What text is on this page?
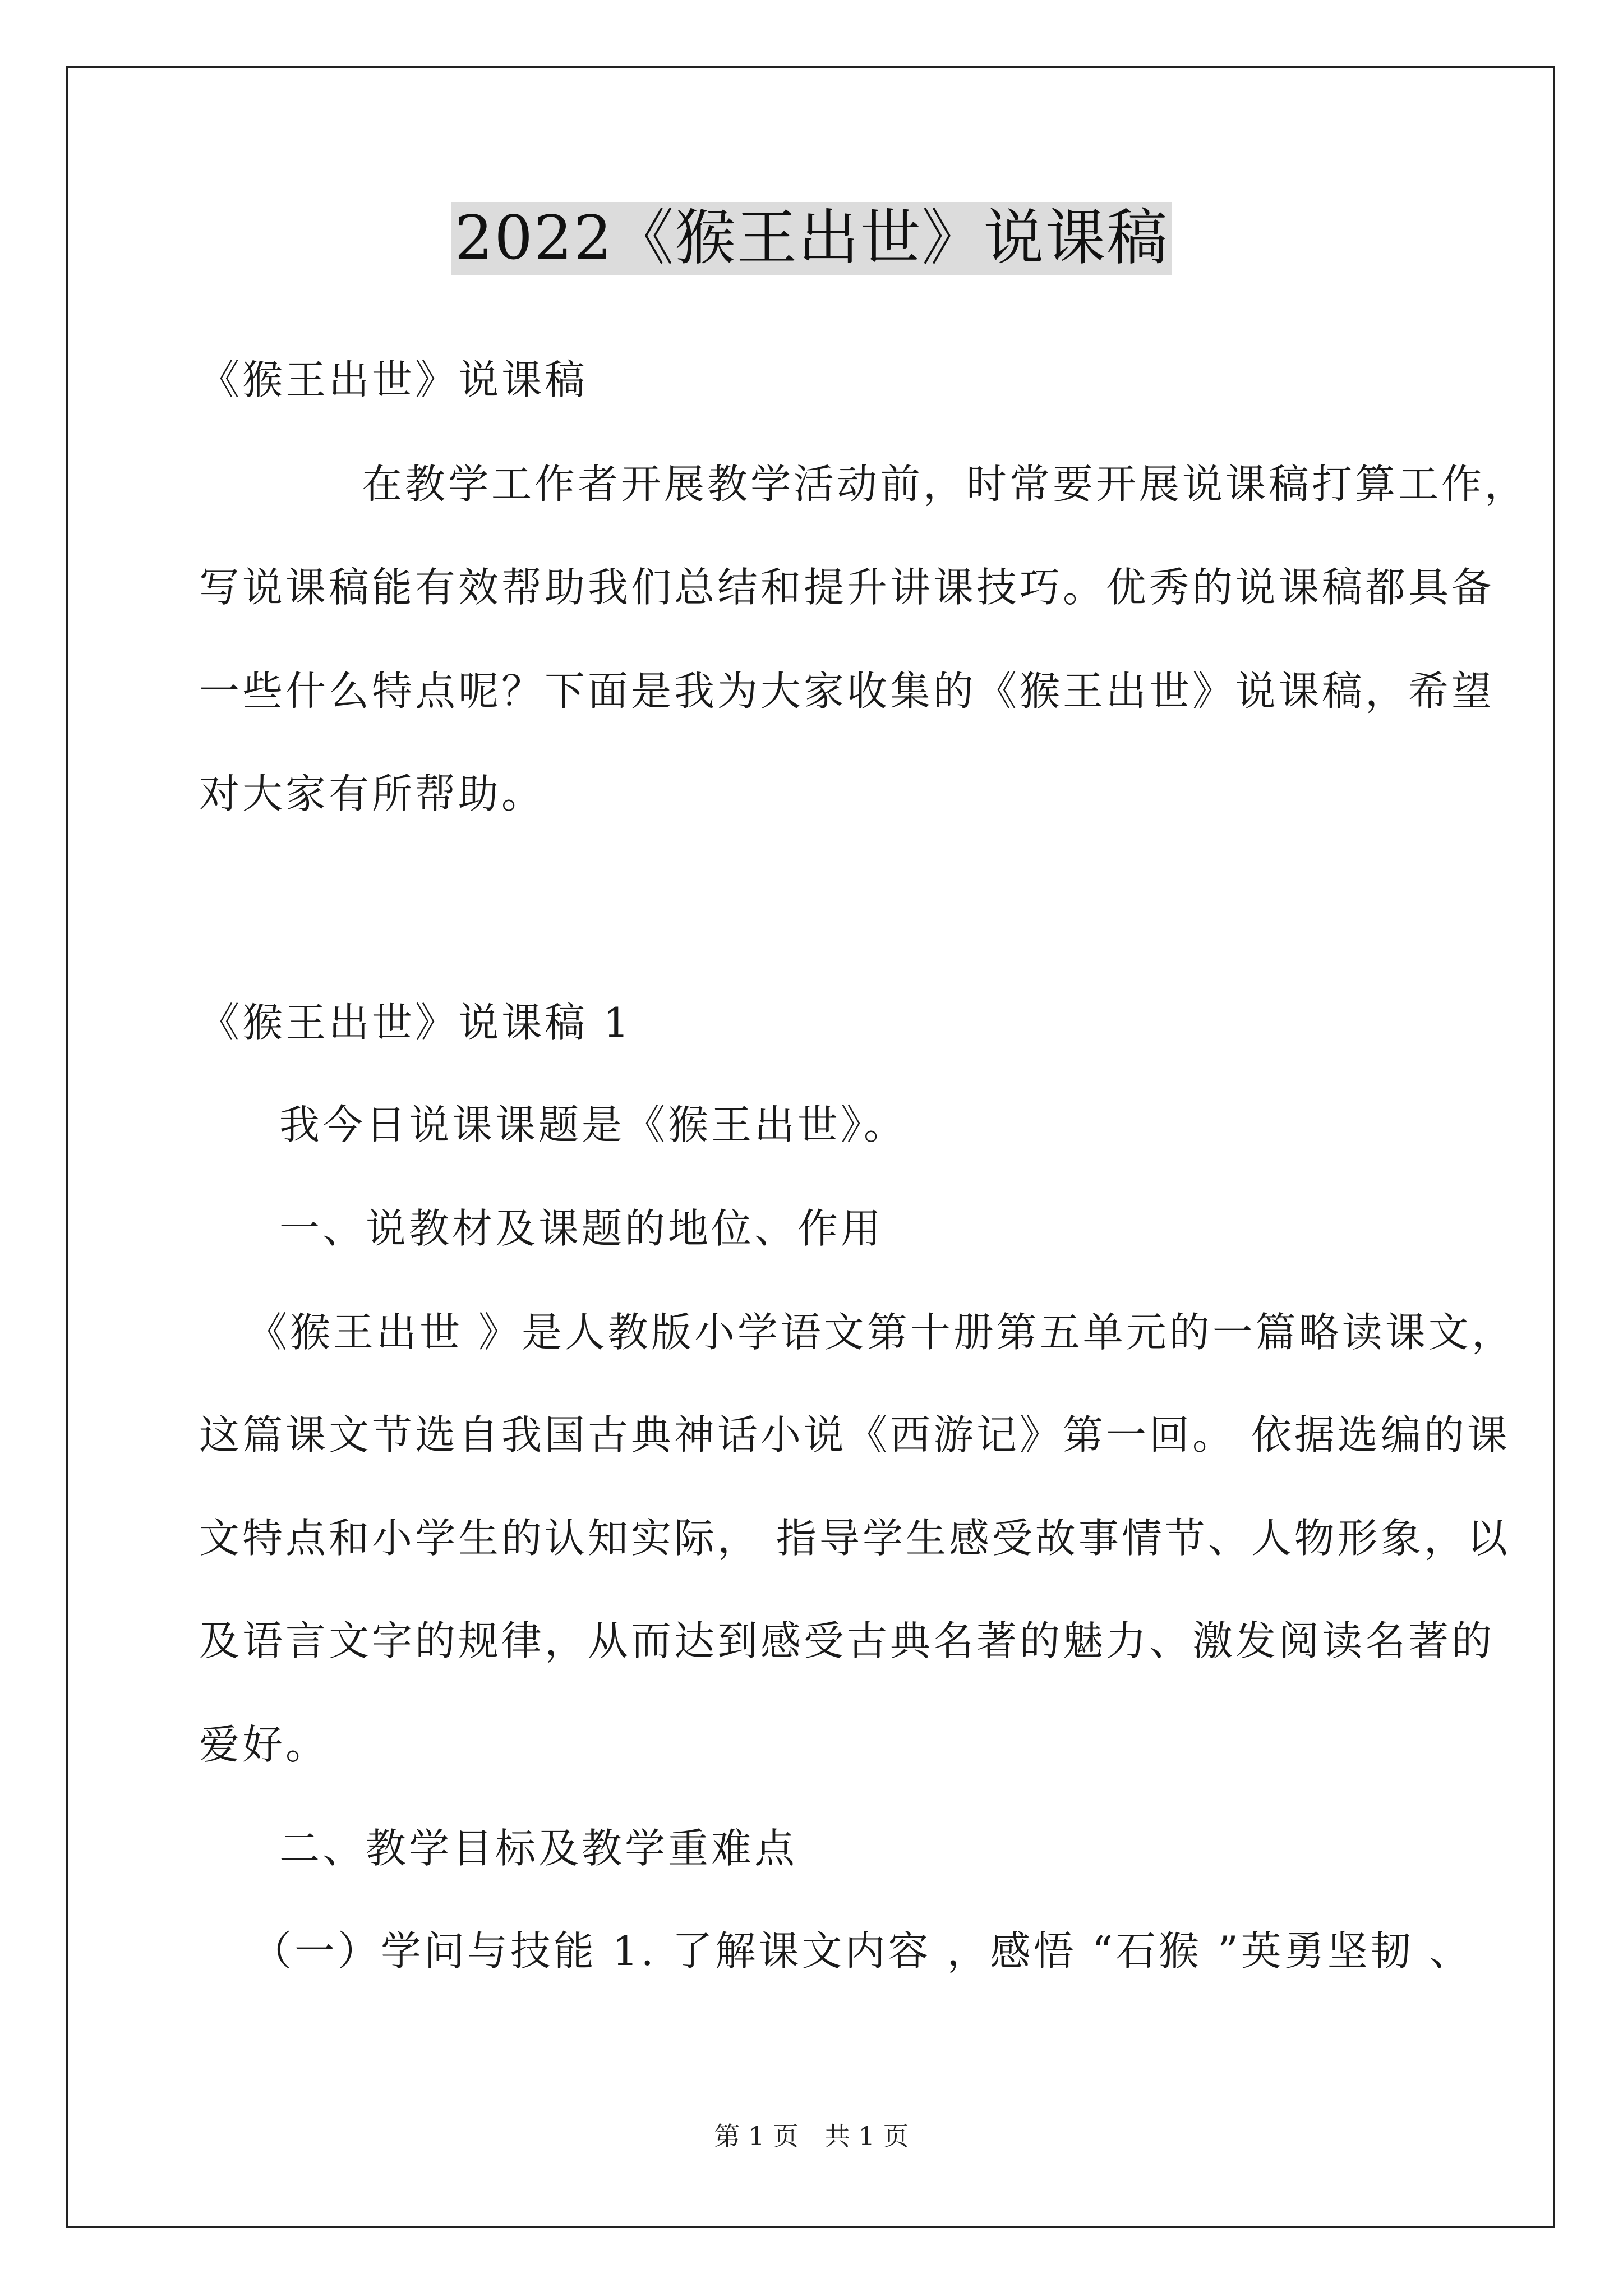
2022《猴王出世》说课稿
《猴王出世》说课稿
在教学工作者开展教学活动前，时常要开展说课稿打算工作，
写说课稿能有效帮助我们总结和提升讲课技巧。优秀的说课稿都具备
一些什么特点呢？下面是我为大家收集的《猴王出世》说课稿，希望
对大家有所帮助。
《猴王出世》说课稿 1
我今日说课课题是《猴王出世》。
一、说教材及课题的地位、作用
《猴王出世 》是人教版小学语文第十册第五单元的一篇略读课文，
这篇课文节选自我国古典神话小说《西游记》第一回。 依据选编的课
文特点和小学生的认知实际， 指导学生感受故事情节、人物形象，以
及语言文字的规律，从而达到感受古典名著的魅力、激发阅读名著的
爱好。
二、教学目标及教学重难点
（一）学问与技能 1. 了解课文内容 ，感悟 “石猴 ”英勇坚韧 、
第 1 页　共 1 页
